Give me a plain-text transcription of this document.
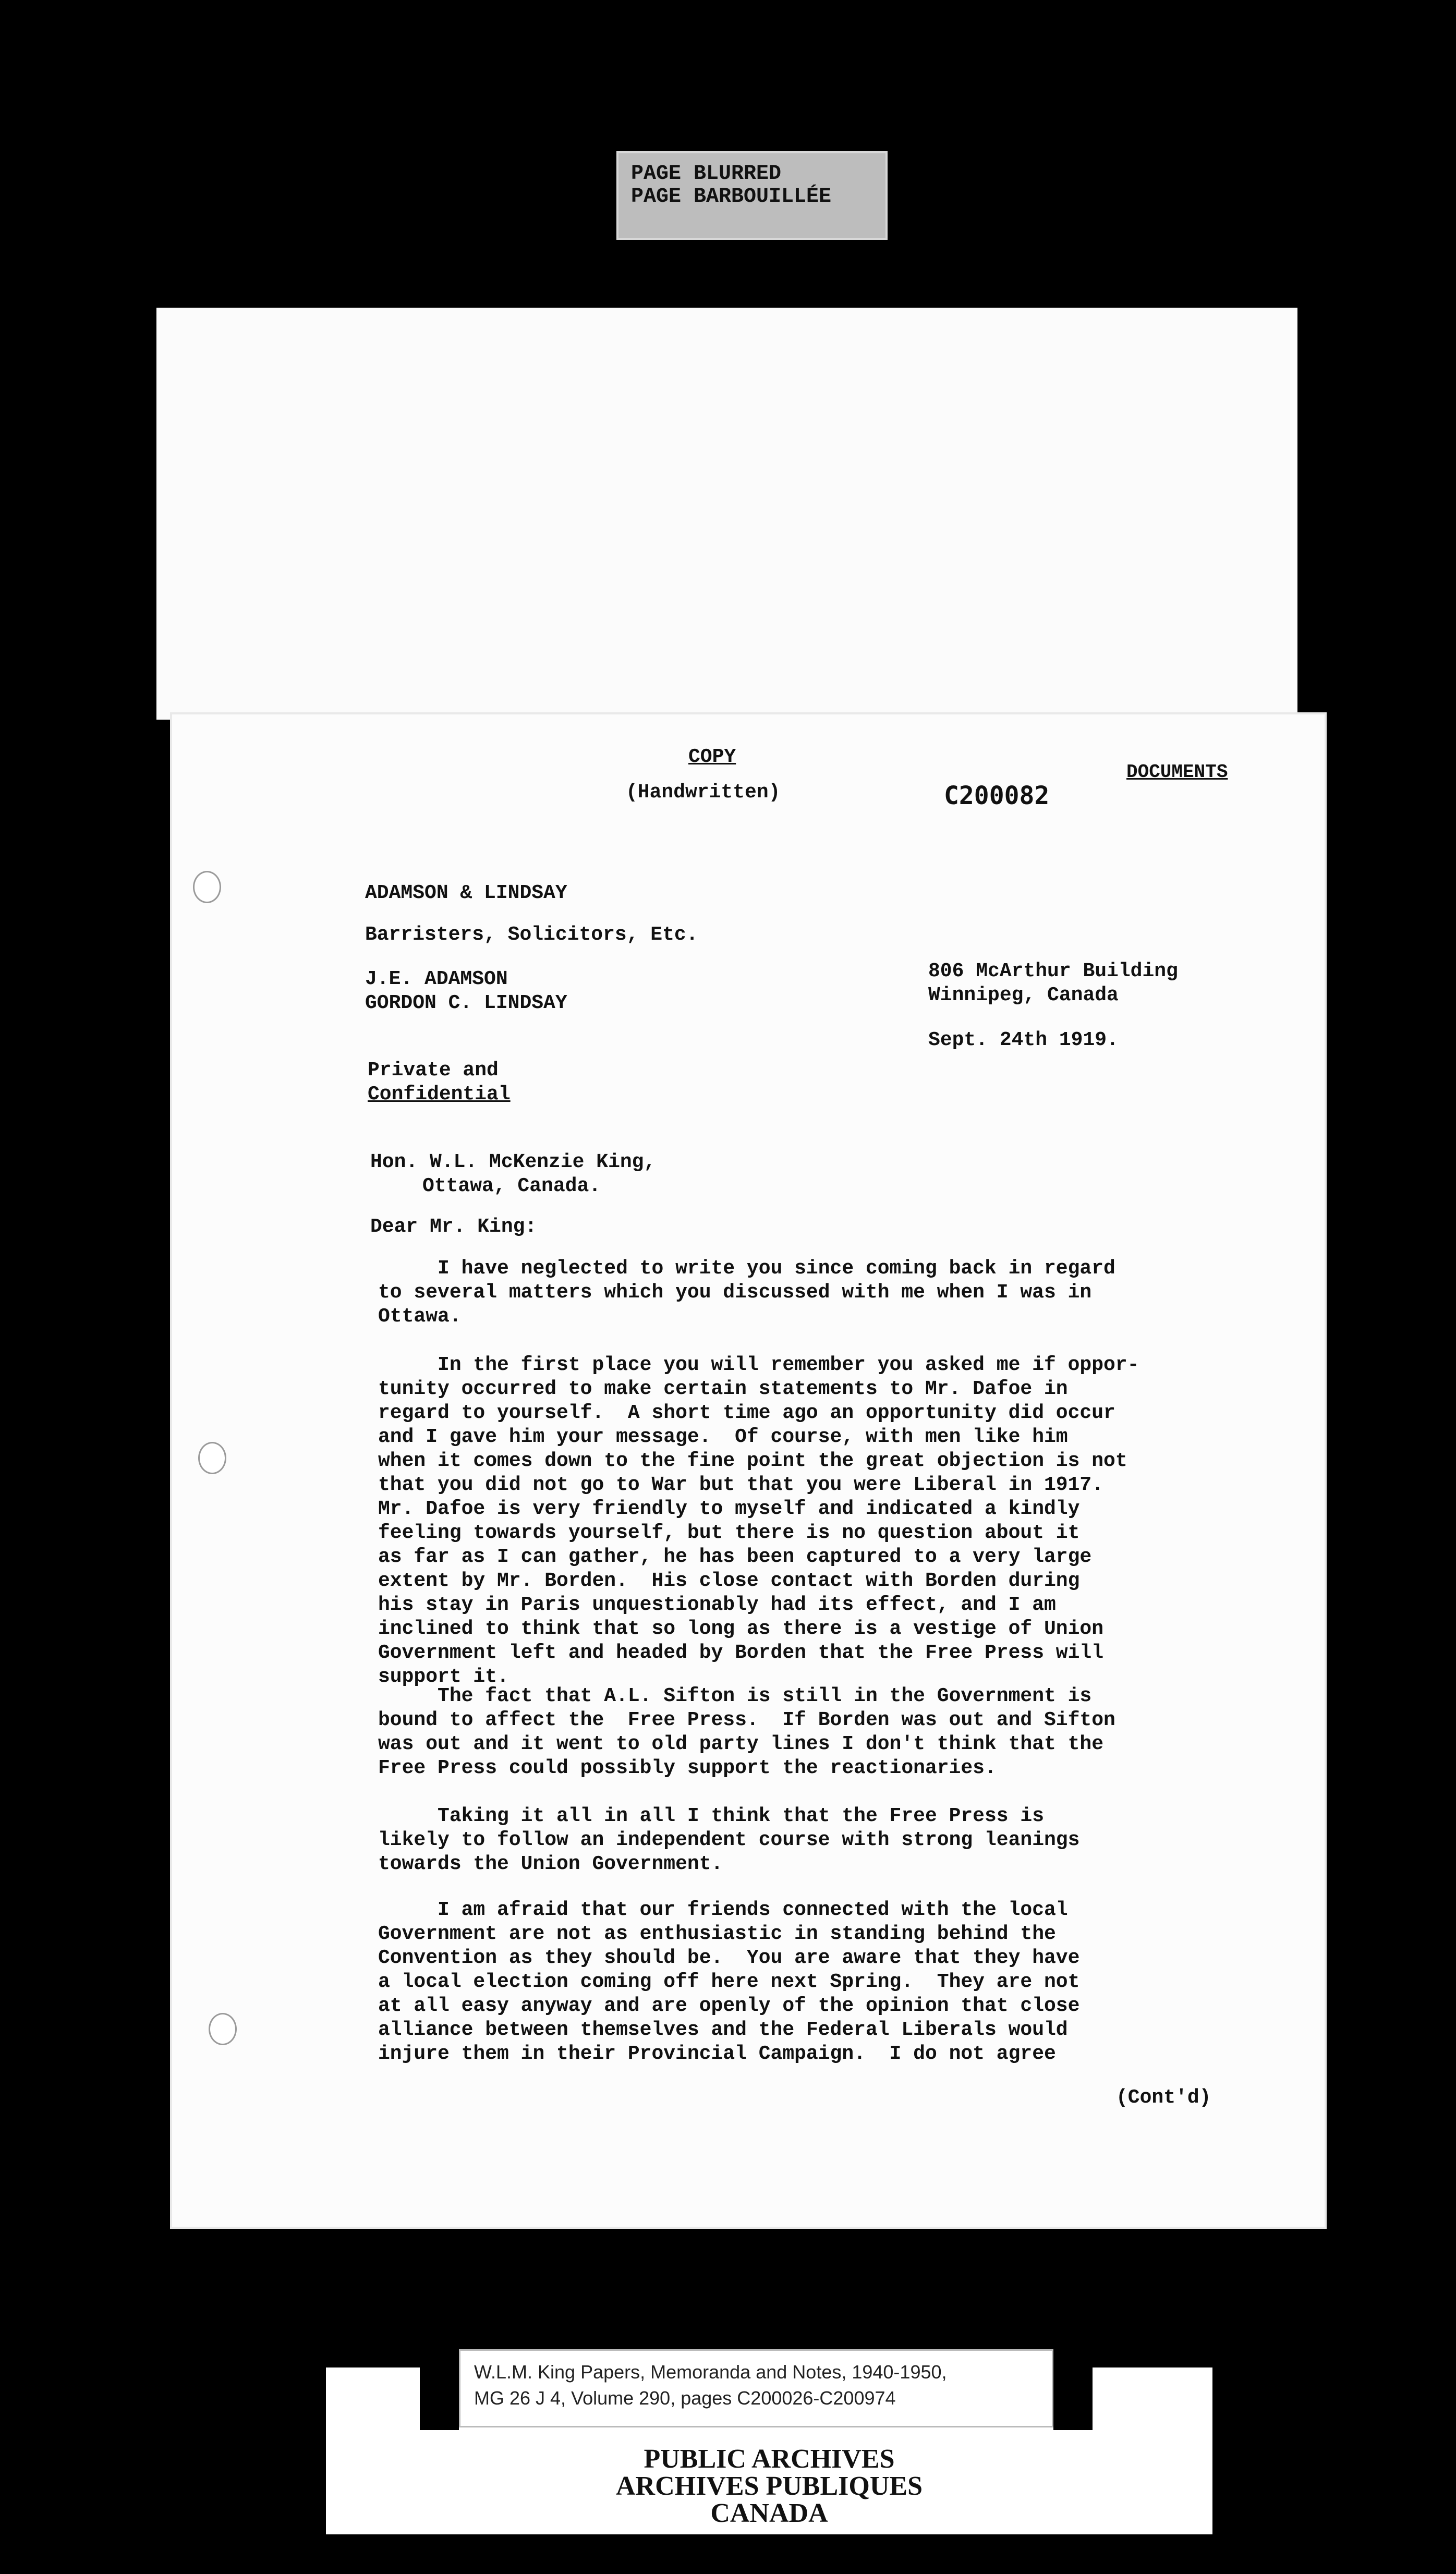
PAGE BLURRED
PAGE BARBOUILLÉE
COPY
(Handwritten)	C200082
DOCUMENTS
ADAMSON & LINDSAY
Barristers, Solicitors, Etc.
J.E. ADAMSON
GORDON C. LINDSAY
806 McArthur Building
Winnipeg, Canada
Sept. 24th 1919.
Private and
Confidential
Hon. W.L. McKenzie King,
Ottawa, Canada.
Dear Mr. King:
I have neglected to write you since coming back in regard
to several matters which you discussed with me when I was in
Ottawa.
In the first place you will remember you asked me if oppor-
tunity occurred to make certain statements to Mr. Dafoe in
regard to yourself.  A short time ago an opportunity did occur
and I gave him your message.  Of course, with men like him
when it comes down to the fine point the great objection is not
that you did not go to War but that you were Liberal in 1917.
Mr. Dafoe is very friendly to myself and indicated a kindly
feeling towards yourself, but there is no question about it
as far as I can gather, he has been captured to a very large
extent by Mr. Borden.  His close contact with Borden during
his stay in Paris unquestionably had its effect, and I am
inclined to think that so long as there is a vestige of Union
Government left and headed by Borden that the Free Press will
support it.
The fact that A.L. Sifton is still in the Government is
bound to affect the  Free Press.  If Borden was out and Sifton
was out and it went to old party lines I don't think that the
Free Press could possibly support the reactionaries.
Taking it all in all I think that the Free Press is
likely to follow an independent course with strong leanings
towards the Union Government.
I am afraid that our friends connected with the local
Government are not as enthusiastic in standing behind the
Convention as they should be.  You are aware that they have
a local election coming off here next Spring.  They are not
at all easy anyway and are openly of the opinion that close
alliance between themselves and the Federal Liberals would
injure them in their Provincial Campaign.  I do not agree
(Cont'd)
W.L.M. King Papers, Memoranda and Notes, 1940-1950,
MG 26 J 4, Volume 290, pages C200026-C200974
PUBLIC ARCHIVES
ARCHIVES PUBLIQUES
CANADA
